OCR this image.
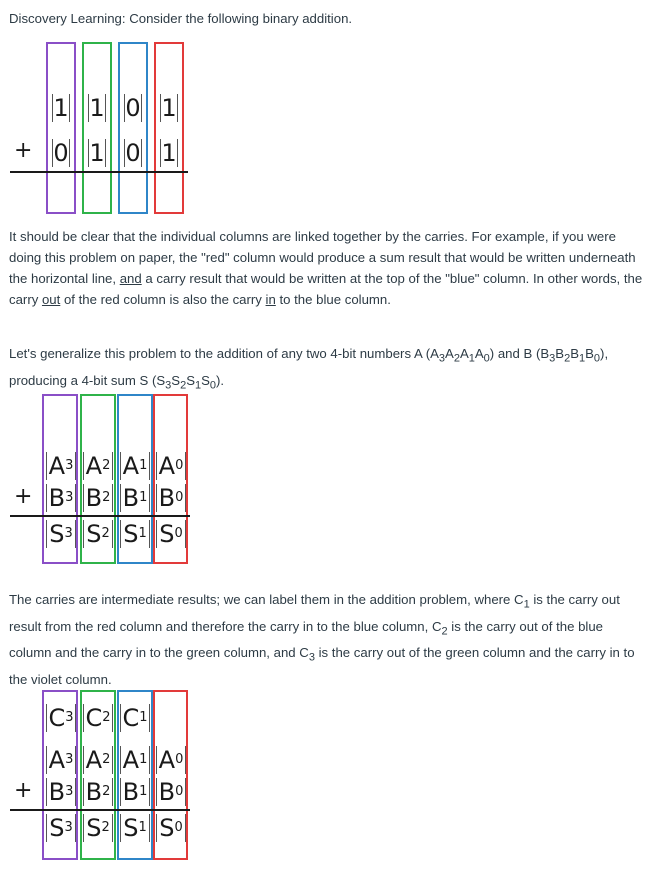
Discovery Learning: Consider the following binary addition.

1 1 0 1
+ 0 1 0 1

It should be clear that the individual columns are linked together by the carries. For example, if you were doing this problem on paper, the "red" column would produce a sum result that would be written underneath the horizontal line, and a carry result that would be written at the top of the "blue" column. In other words, the carry out of the red column is also the carry in to the blue column.

Let's generalize this problem to the addition of any two 4-bit numbers A $(A_3A_2A_1A_0)$ and B $(B_3B_2B_1B_0)$, producing a 4-bit sum S $(S_3S_2S_1S_0)$.

A 3 A 2 A 1 A 0
+ B 3 B 2 B 1 B 0
S 3 S 2 S 1 S 0

The carries are intermediate results; we can label them in the addition problem, where $C_1$ is the carry out result from the red column and therefore the carry in to the blue column, $C_2$ is the carry out of the blue column and the carry in to the green column, and $C_3$ is the carry out of the green column and the carry in to the violet column.

C 3 C 2 C 1
A 3 A 2 A 1 A 0
+ B 3 B 2 B 1 B 0
S 3 S 2 S 1 S 0
